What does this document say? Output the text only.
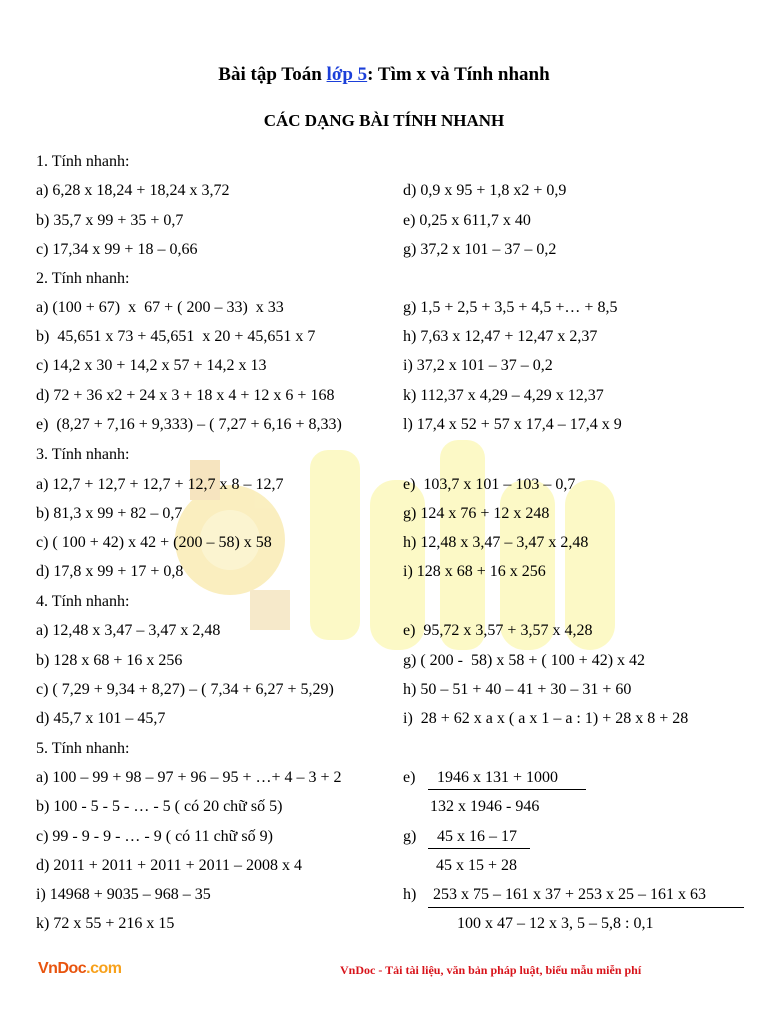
Bài tập Toán lớp 5: Tìm x và Tính nhanh
CÁC DẠNG BÀI TÍNH NHANH
1. Tính nhanh:
a) 6,28 x 18,24 + 18,24 x 3,72
b) 35,7 x 99 + 35 + 0,7
c) 17,34 x 99 + 18 – 0,66
d) 0,9 x 95 + 1,8 x2 + 0,9
e) 0,25 x 611,7 x 40
g) 37,2 x 101 – 37 – 0,2
2. Tính nhanh:
a) (100 + 67)  x  67 + ( 200 – 33)  x 33
b)  45,651 x 73 + 45,651  x 20 + 45,651 x 7
c) 14,2 x 30 + 14,2 x 57 + 14,2 x 13
d) 72 + 36 x2 + 24 x 3 + 18 x 4 + 12 x 6 + 168
e)  (8,27 + 7,16 + 9,333) – ( 7,27 + 6,16 + 8,33)
g) 1,5 + 2,5 + 3,5 + 4,5 +… + 8,5
h) 7,63 x 12,47 + 12,47 x 2,37
i) 37,2 x 101 – 37 – 0,2
k) 112,37 x 4,29 – 4,29 x 12,37
l) 17,4 x 52 + 57 x 17,4 – 17,4 x 9
3. Tính nhanh:
a) 12,7 + 12,7 + 12,7 + 12,7 x 8 – 12,7
b) 81,3 x 99 + 82 – 0,7
c) ( 100 + 42) x 42 + (200 – 58) x 58
d) 17,8 x 99 + 17 + 0,8
e)  103,7 x 101 – 103 – 0,7
g) 124 x 76 + 12 x 248
h) 12,48 x 3,47 – 3,47 x 2,48
i) 128 x 68 + 16 x 256
4. Tính nhanh:
a) 12,48 x 3,47 – 3,47 x 2,48
b) 128 x 68 + 16 x 256
c) ( 7,29 + 9,34 + 8,27) – ( 7,34 + 6,27 + 5,29)
d) 45,7 x 101 – 45,7
e)  95,72 x 3,57 + 3,57 x 4,28
g) ( 200 -  58) x 58 + ( 100 + 42) x 42
h) 50 – 51 + 40 – 41 + 30 – 31 + 60
i)  28 + 62 x a x ( a x 1 – a : 1) + 28 x 8 + 28
5. Tính nhanh:
a) 100 – 99 + 98 – 97 + 96 – 95 + …+ 4 – 3 + 2
b) 100 - 5 - 5 - … - 5 ( có 20 chữ số 5)
c) 99 - 9 - 9 - … - 9 ( có 11 chữ số 9)
d) 2011 + 2011 + 2011 + 2011 – 2008 x 4
i) 14968 + 9035 – 968 – 35
k) 72 x 55 + 216 x 15
e) 1946 x 131 + 1000
132 x 1946 - 946
g) 45 x 16 – 17
45 x 15 + 28
h) 253 x 75 – 161 x 37 + 253 x 25 – 161 x 63
100 x 47 – 12 x 3, 5 – 5,8 : 0,1
VnDoc.com	VnDoc - Tải tài liệu, văn bản pháp luật, biểu mẫu miễn phí
